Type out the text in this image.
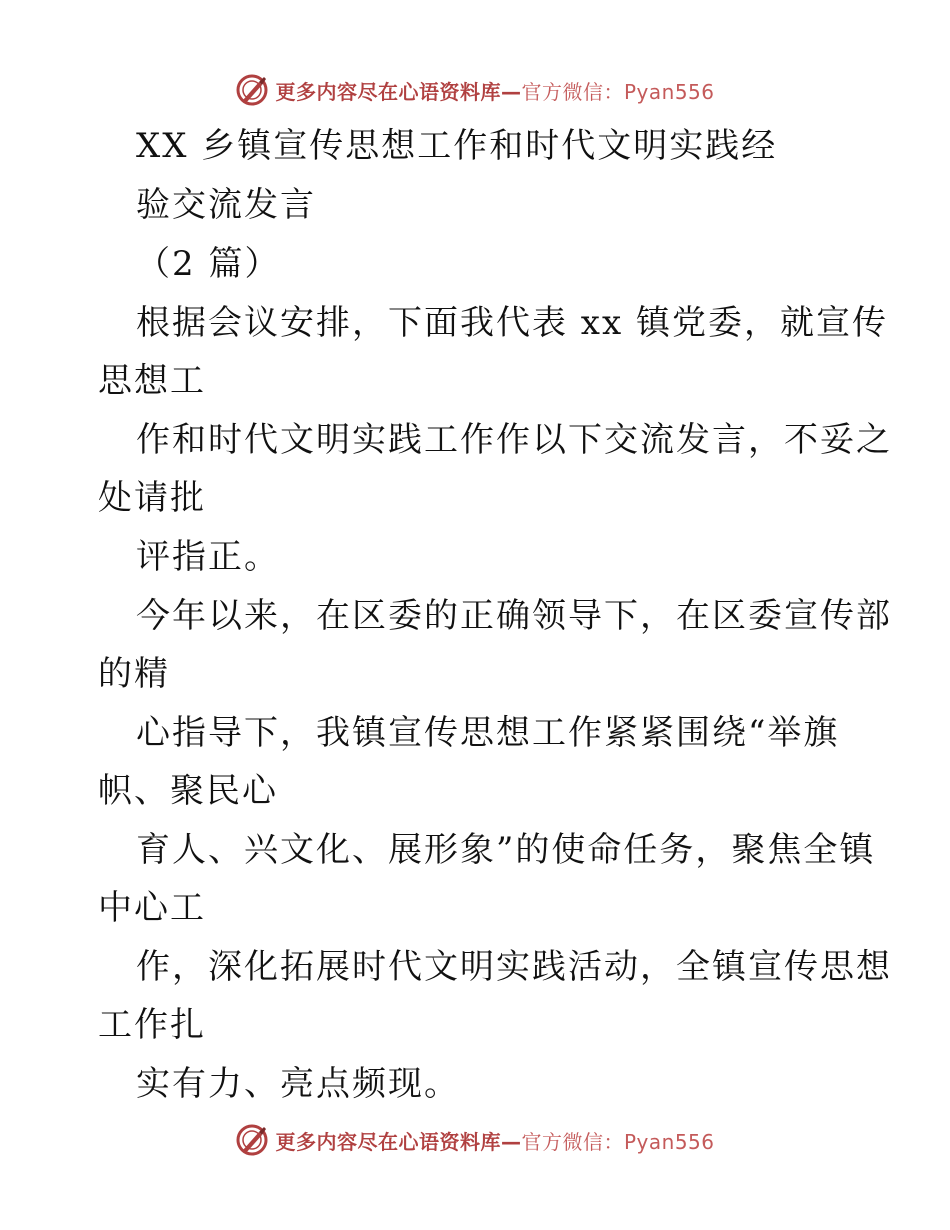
更多内容尽在心语资料库—官方微信：Pyan556
XX 乡镇宣传思想工作和时代文明实践经
验交流发言
（2 篇）
根据会议安排，下面我代表 xx 镇党委，就宣传
思想工
作和时代文明实践工作作以下交流发言，不妥之
处请批
评指正。
今年以来，在区委的正确领导下，在区委宣传部
的精
心指导下，我镇宣传思想工作紧紧围绕“举旗
帜、聚民心
育人、兴文化、展形象”的使命任务，聚焦全镇
中心工
作，深化拓展时代文明实践活动，全镇宣传思想
工作扎
实有力、亮点频现。
更多内容尽在心语资料库—官方微信：Pyan556
